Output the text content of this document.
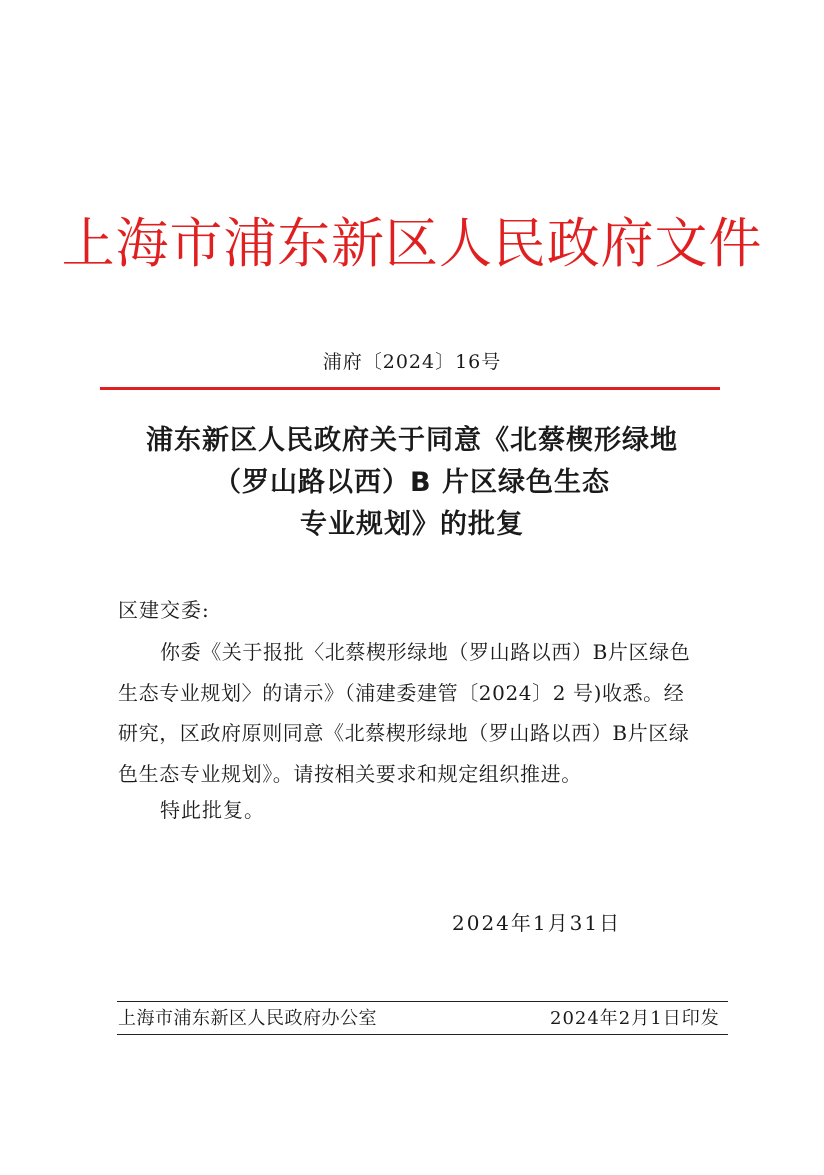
上海市浦东新区人民政府文件
浦府〔2024〕16号
浦东新区人民政府关于同意《北蔡楔形绿地
（罗山路以西）B 片区绿色生态
专业规划》的批复
区建交委:
你委《关于报批〈北蔡楔形绿地（罗山路以西）B片区绿色
生态专业规划〉的请示》（浦建委建管〔2024〕2 号)收悉。经
研究，区政府原则同意《北蔡楔形绿地（罗山路以西）B片区绿
色生态专业规划》。请按相关要求和规定组织推进。
特此批复。
2024年1月31日
上海市浦东新区人民政府办公室	2024年2月1日印发
